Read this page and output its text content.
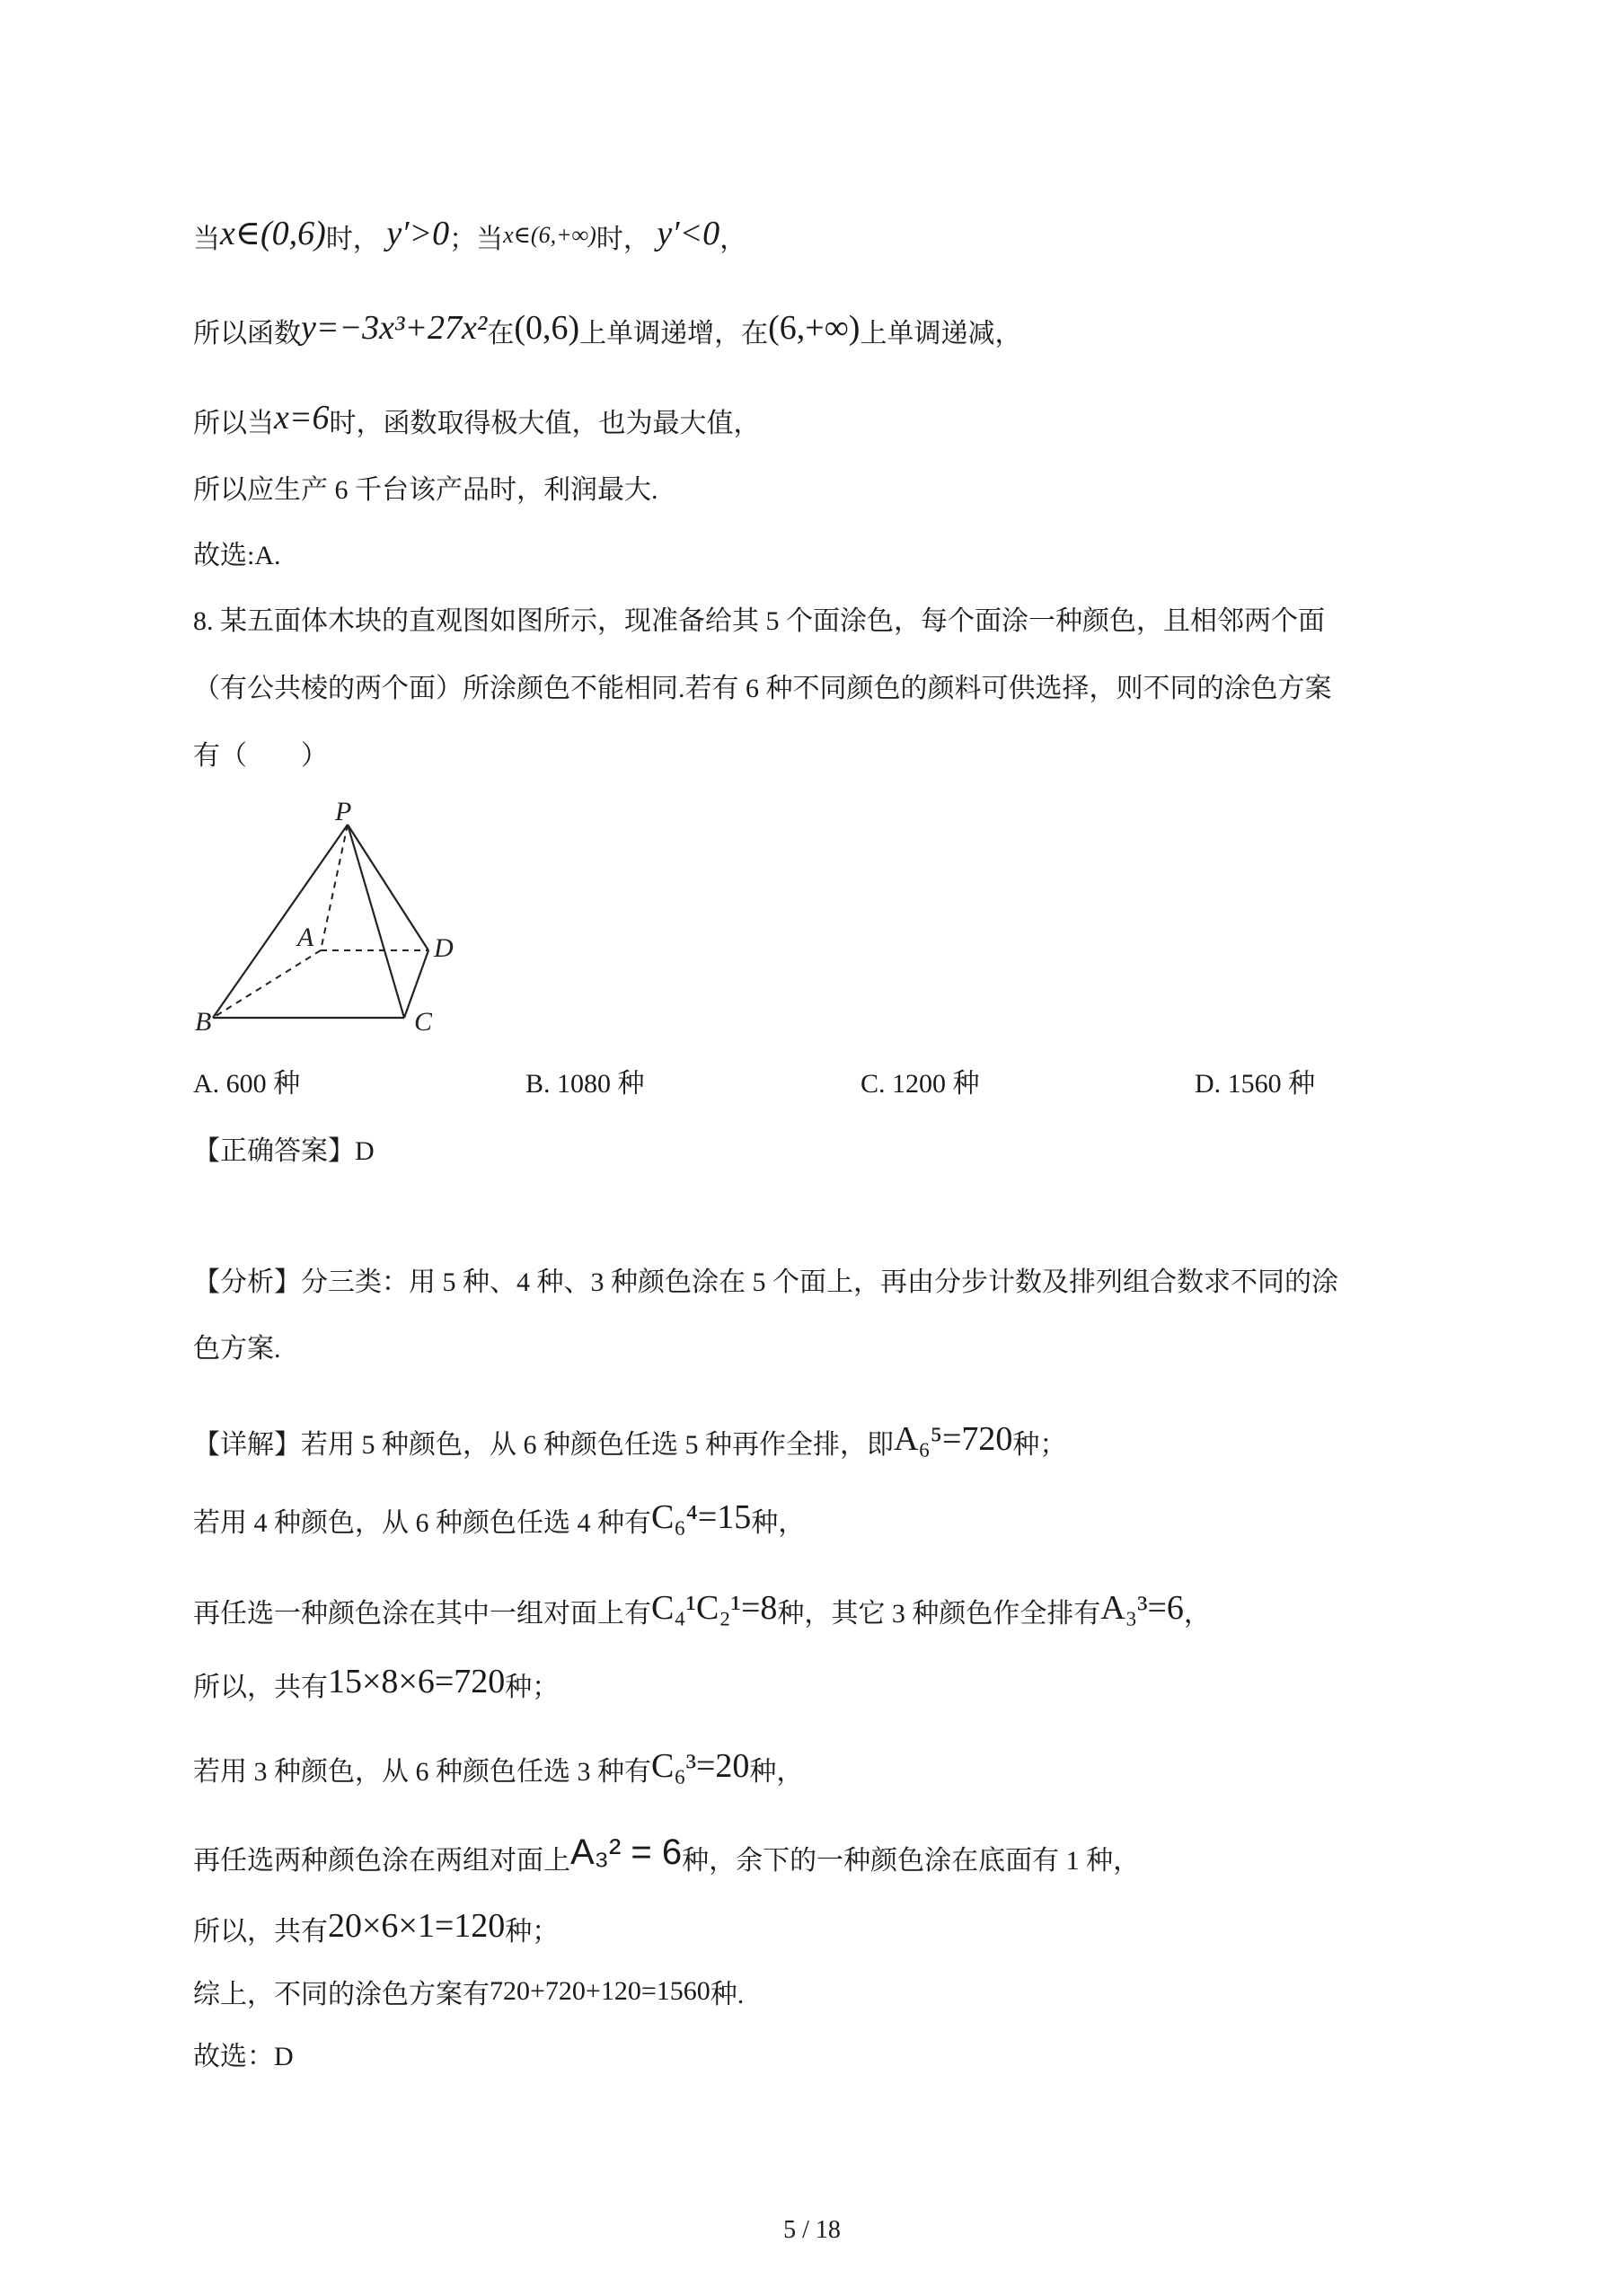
当x∈(0,6)时， y′>0；当x∈(6,+∞)时， y′<0，
所以函数y=−3x³+27x²在(0,6)上单调递增，在(6,+∞)上单调递减，
所以当x=6时，函数取得极大值，也为最大值，
所以应生产 6 千台该产品时，利润最大.
故选:A.
8. 某五面体木块的直观图如图所示，现准备给其 5 个面涂色，每个面涂一种颜色，且相邻两个面
（有公共棱的两个面）所涂颜色不能相同.若有 6 种不同颜色的颜料可供选择，则不同的涂色方案
有（　　）
P
A	D
B	C
A. 600 种	B. 1080 种	C. 1200 种	D. 1560 种
【正确答案】D
【分析】分三类：用 5 种、4 种、3 种颜色涂在 5 个面上，再由分步计数及排列组合数求不同的涂
色方案.
【详解】若用 5 种颜色，从 6 种颜色任选 5 种再作全排，即A₆⁵=720种；
若用 4 种颜色，从 6 种颜色任选 4 种有C₆⁴=15种，
再任选一种颜色涂在其中一组对面上有C₄¹C₂¹=8种，其它 3 种颜色作全排有A₃³=6，
所以，共有15×8×6=720种；
若用 3 种颜色，从 6 种颜色任选 3 种有C₆³=20种，
再任选两种颜色涂在两组对面上A₃² = 6种，余下的一种颜色涂在底面有 1 种，
所以，共有20×6×1=120种；
综上，不同的涂色方案有720+720+120=1560种.
故选：D
5 / 18
